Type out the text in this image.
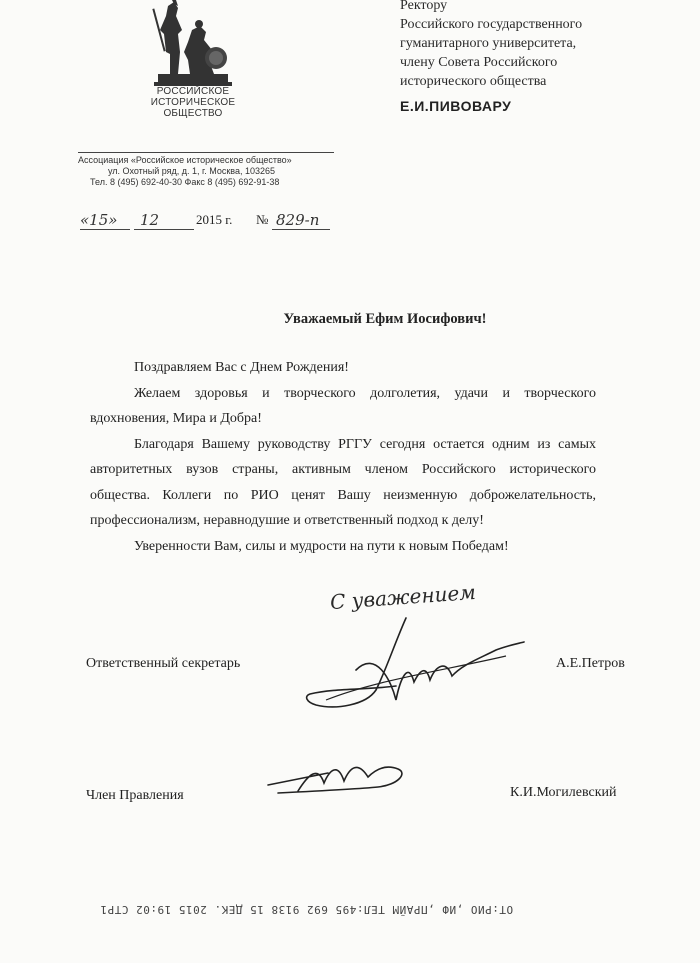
РОССИЙСКОЕ
ИСТОРИЧЕСКОЕ
ОБЩЕСТВО
Ассоциация «Российское историческое общество»
ул. Охотный ряд, д. 1, г. Москва, 103265
Тел. 8 (495) 692-40-30 Факс 8 (495) 692-91-38
Ректору
Российского государственного
гуманитарного университета,
члену Совета Российского
исторического общества
Е.И.ПИВОВАРУ
«15» 12	2015 г. № 829-п
Уважаемый Ефим Иосифович!

Поздравляем Вас с Днем Рождения!

Желаем здоровья и творческого долголетия, удачи и творческого вдохновения, Мира и Добра!

Благодаря Вашему руководству РГГУ сегодня остается одним из самых авторитетных вузов страны, активным членом Российского исторического общества. Коллеги по РИО ценят Вашу неизменную доброжелательность, профессионализм, неравнодушие и ответственный подход к делу!

Уверенности Вам, силы и мудрости на пути к новым Победам!

С уважением
Ответственный секретарь	А.Е.Петров
Член Правления	К.И.Могилевский
ОТ:РИО ,ИФ ,ПРАЙМ ТЕЛ:495 692 9138 15 ДЕК. 2015 19:02 СТР1
